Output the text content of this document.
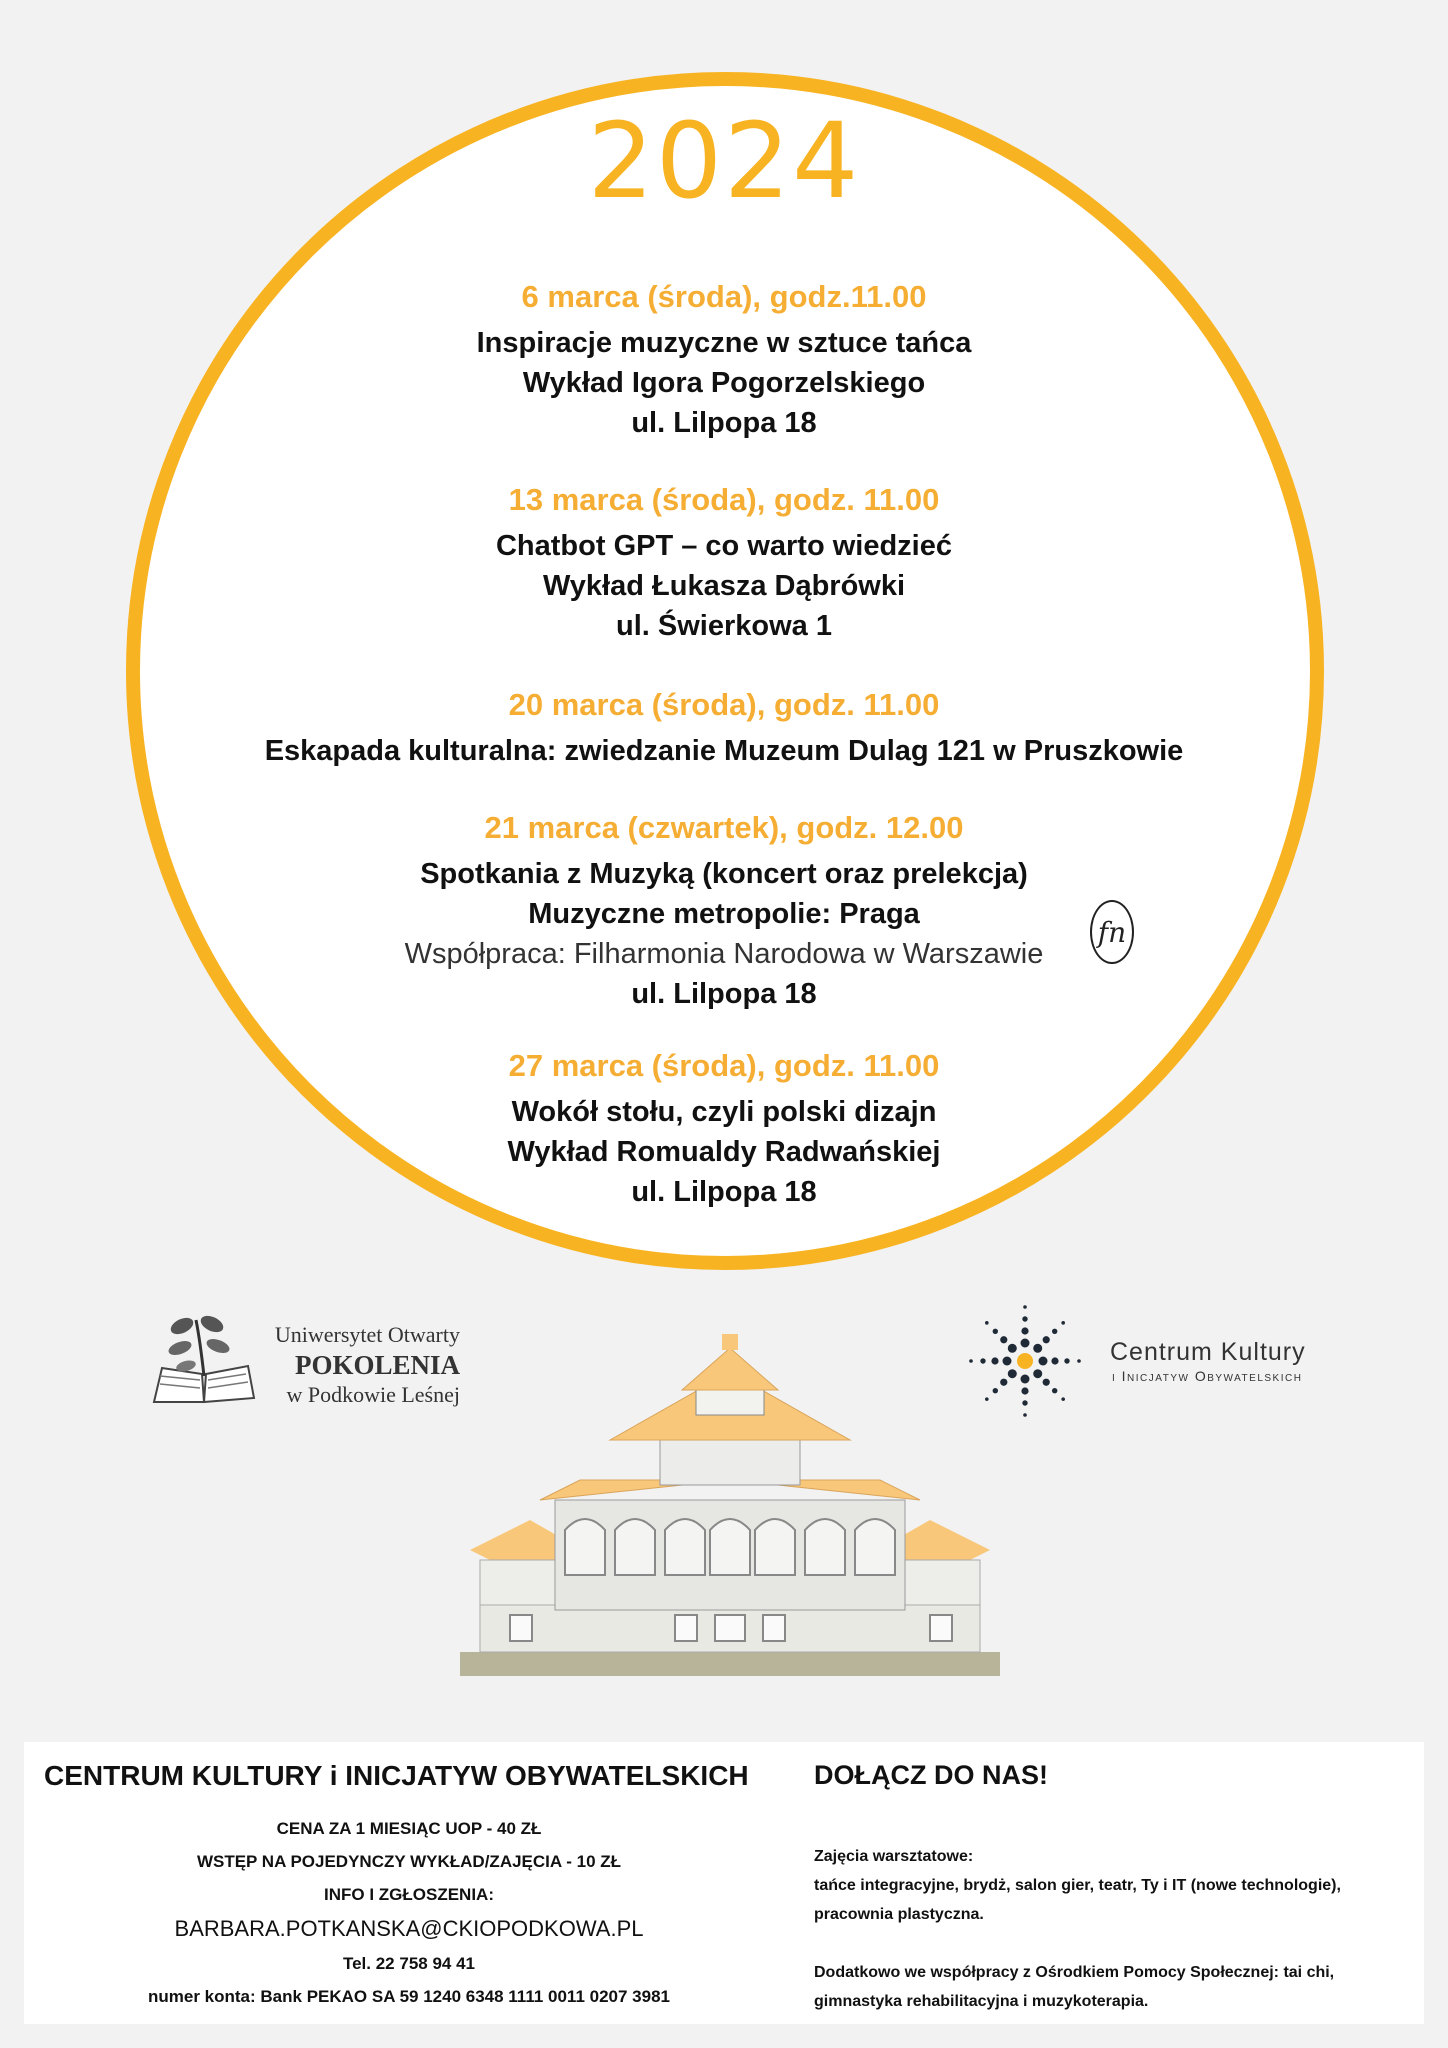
2024
6 marca (środa), godz.11.00
Inspiracje muzyczne w sztuce tańca
Wykład Igora Pogorzelskiego
ul. Lilpopa 18
13 marca (środa), godz. 11.00
Chatbot GPT – co warto wiedzieć
Wykład Łukasza Dąbrówki
ul. Świerkowa 1
20 marca (środa), godz. 11.00
Eskapada kulturalna: zwiedzanie Muzeum Dulag 121 w Pruszkowie
21 marca (czwartek), godz. 12.00
Spotkania z Muzyką (koncert oraz prelekcja)
Muzyczne metropolie: Praga
Współpraca: Filharmonia Narodowa w Warszawie
ul. Lilpopa 18
fn
27 marca (środa), godz. 11.00
Wokół stołu, czyli polski dizajn
Wykład Romualdy Radwańskiej
ul. Lilpopa 18
Uniwersytet Otwarty
POKOLENIA
w Podkowie Leśnej
Centrum Kultury
i Inicjatyw Obywatelskich
CENTRUM KULTURY i INICJATYW OBYWATELSKICH
CENA ZA 1 MIESIĄC UOP - 40 ZŁ
WSTĘP NA POJEDYNCZY WYKŁAD/ZAJĘCIA - 10 ZŁ
INFO I ZGŁOSZENIA:
BARBARA.POTKANSKA@CKIOPODKOWA.PL
Tel. 22 758 94 41
numer konta: Bank PEKAO SA 59 1240 6348 1111 0011 0207 3981
DOŁĄCZ DO NAS!

Zajęcia warsztatowe:
tańce integracyjne, brydż, salon gier, teatr, Ty i IT (nowe technologie), pracownia plastyczna.

Dodatkowo we współpracy z Ośrodkiem Pomocy Społecznej: tai chi, gimnastyka rehabilitacyjna i muzykoterapia.
